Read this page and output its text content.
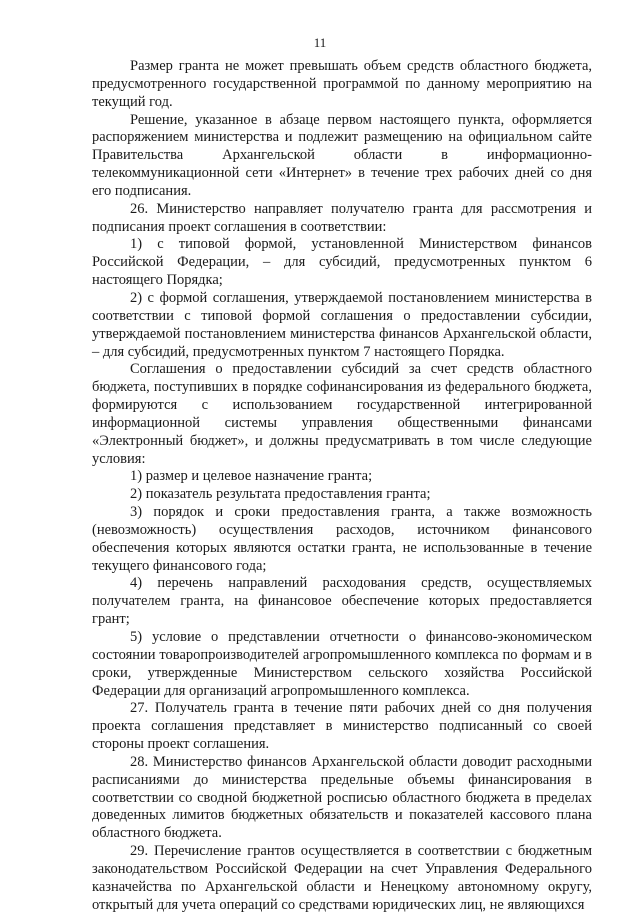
11

Размер гранта не может превышать объем средств областного бюджета, предусмотренного государственной программой по данному мероприятию на текущий год.

Решение, указанное в абзаце первом настоящего пункта, оформляется распоряжением министерства и подлежит размещению на официальном сайте Правительства Архангельской области в информационно-телекоммуникационной сети «Интернет» в течение трех рабочих дней со дня его подписания.

26. Министерство направляет получателю гранта для рассмотрения и подписания проект соглашения в соответствии:

1) с типовой формой, установленной Министерством финансов Российской Федерации, – для субсидий, предусмотренных пунктом 6 настоящего Порядка;

2) с формой соглашения, утверждаемой постановлением министерства в соответствии с типовой формой соглашения о предоставлении субсидии, утверждаемой постановлением министерства финансов Архангельской области, – для субсидий, предусмотренных пунктом 7 настоящего Порядка.

Соглашения о предоставлении субсидий за счет средств областного бюджета, поступивших в порядке софинансирования из федерального бюджета, формируются с использованием государственной интегрированной информационной системы управления общественными финансами «Электронный бюджет», и должны предусматривать в том числе следующие условия:

1) размер и целевое назначение гранта;

2) показатель результата предоставления гранта;

3) порядок и сроки предоставления гранта, а также возможность (невозможность) осуществления расходов, источником финансового обеспечения которых являются остатки гранта, не использованные в течение текущего финансового года;

4) перечень направлений расходования средств, осуществляемых получателем гранта, на финансовое обеспечение которых предоставляется грант;

5) условие о представлении отчетности о финансово-экономическом состоянии товаропроизводителей агропромышленного комплекса по формам и в сроки, утвержденные Министерством сельского хозяйства Российской Федерации для организаций агропромышленного комплекса.

27. Получатель гранта в течение пяти рабочих дней со дня получения проекта соглашения представляет в министерство подписанный со своей стороны проект соглашения.

28. Министерство финансов Архангельской области доводит расходными расписаниями до министерства предельные объемы финансирования в соответствии со сводной бюджетной росписью областного бюджета в пределах доведенных лимитов бюджетных обязательств и показателей кассового плана областного бюджета.

29. Перечисление грантов осуществляется в соответствии с бюджетным законодательством Российской Федерации на счет Управления Федерального казначейства по Архангельской области и Ненецкому автономному округу, открытый для учета операций со средствами юридических лиц, не являющихся
